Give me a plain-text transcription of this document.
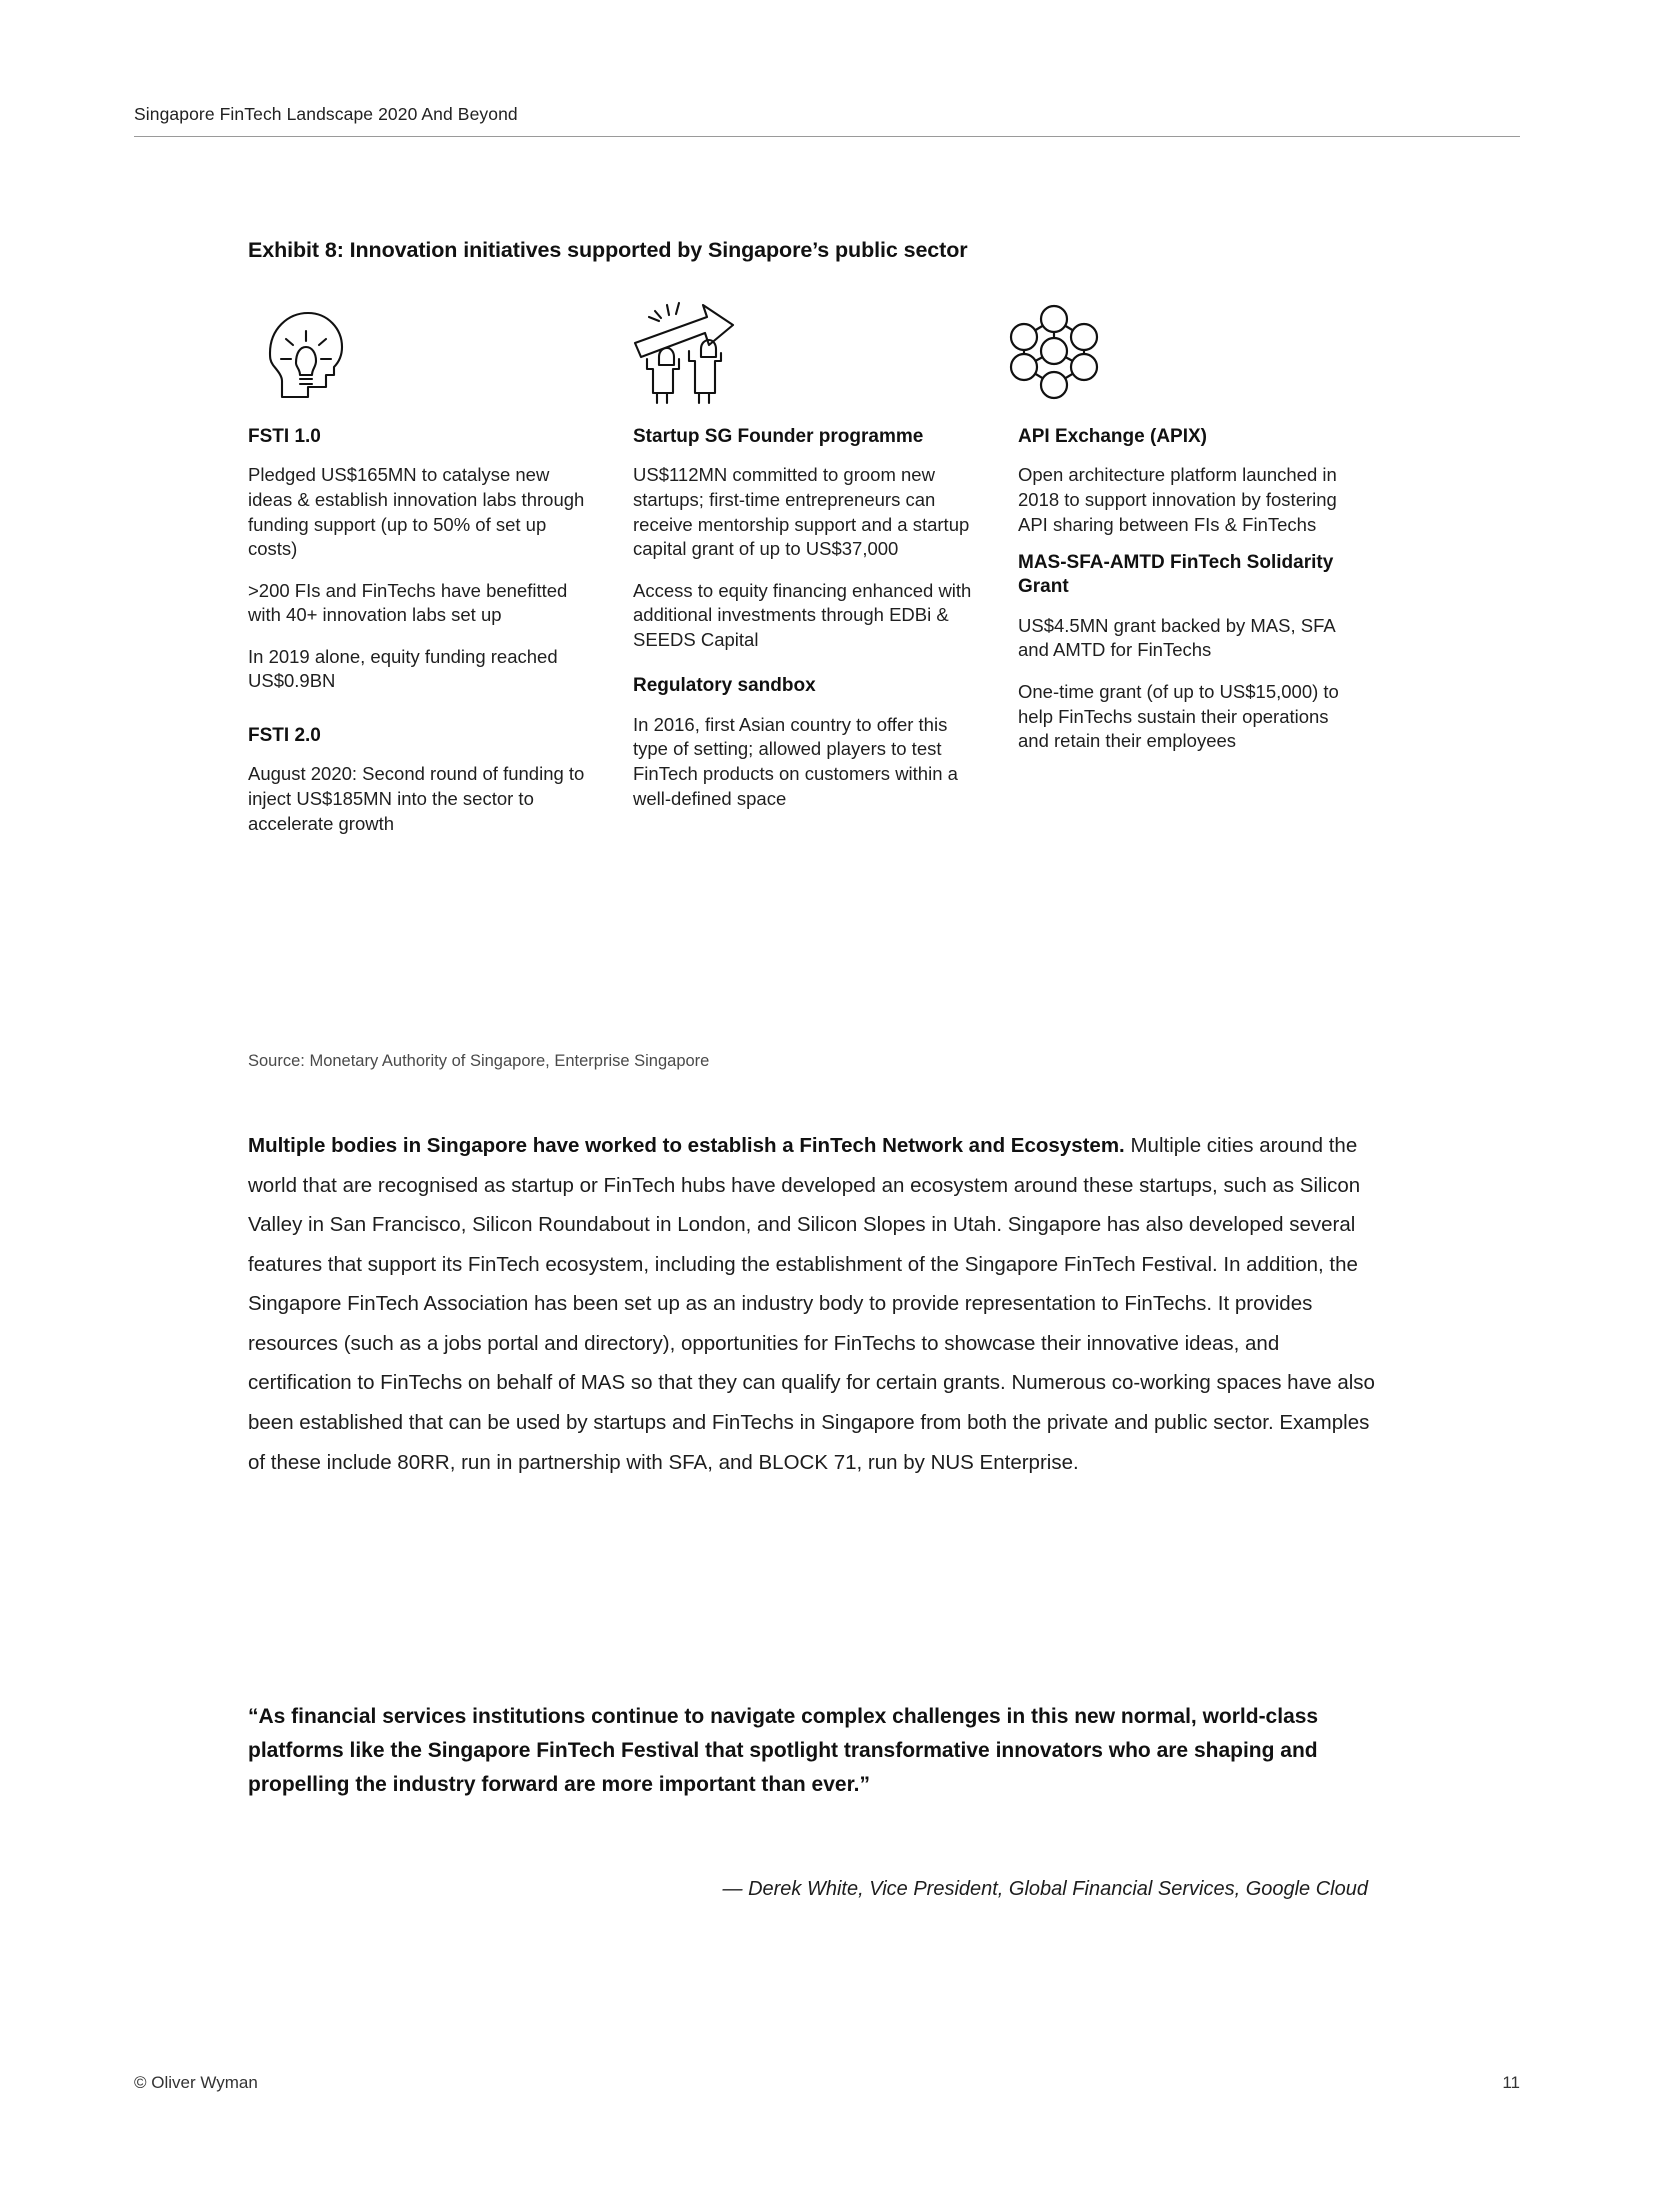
Singapore FinTech Landscape 2020 And Beyond
Exhibit 8: Innovation initiatives supported by Singapore’s public sector
FSTI 1.0

Pledged US$165MN to catalyse new ideas & establish innovation labs through funding support (up to 50% of set up costs)

>200 FIs and FinTechs have benefitted with 40+ innovation labs set up

In 2019 alone, equity funding reached US$0.9BN

FSTI 2.0

August 2020: Second round of funding to inject US$185MN into the sector to accelerate growth

Startup SG Founder programme

US$112MN committed to groom new startups; first-time entrepreneurs can receive mentorship support and a startup capital grant of up to US$37,000

Access to equity financing enhanced with additional investments through EDBi & SEEDS Capital

Regulatory sandbox

In 2016, first Asian country to offer this type of setting; allowed players to test FinTech products on customers within a well-defined space

API Exchange (APIX)

Open architecture platform launched in 2018 to support innovation by fostering API sharing between FIs & FinTechs

MAS-SFA-AMTD FinTech Solidarity Grant

US$4.5MN grant backed by MAS, SFA and AMTD for FinTechs

One-time grant (of up to US$15,000) to help FinTechs sustain their operations and retain their employees

Source: Monetary Authority of Singapore, Enterprise Singapore
Multiple bodies in Singapore have worked to establish a FinTech Network and Ecosystem. Multiple cities around the world that are recognised as startup or FinTech hubs have developed an ecosystem around these startups, such as Silicon Valley in San Francisco, Silicon Roundabout in London, and Silicon Slopes in Utah. Singapore has also developed several features that support its FinTech ecosystem, including the establishment of the Singapore FinTech Festival. In addition, the Singapore FinTech Association has been set up as an industry body to provide representation to FinTechs. It provides resources (such as a jobs portal and directory), opportunities for FinTechs to showcase their innovative ideas, and certification to FinTechs on behalf of MAS so that they can qualify for certain grants. Numerous co-working spaces have also been established that can be used by startups and FinTechs in Singapore from both the private and public sector. Examples of these include 80RR, run in partnership with SFA, and BLOCK 71, run by NUS Enterprise.
“As financial services institutions continue to navigate complex challenges in this new normal, world-class platforms like the Singapore FinTech Festival that spotlight transformative innovators who are shaping and propelling the industry forward are more important than ever.”
— Derek White, Vice President, Global Financial Services, Google Cloud
© Oliver Wyman	11
